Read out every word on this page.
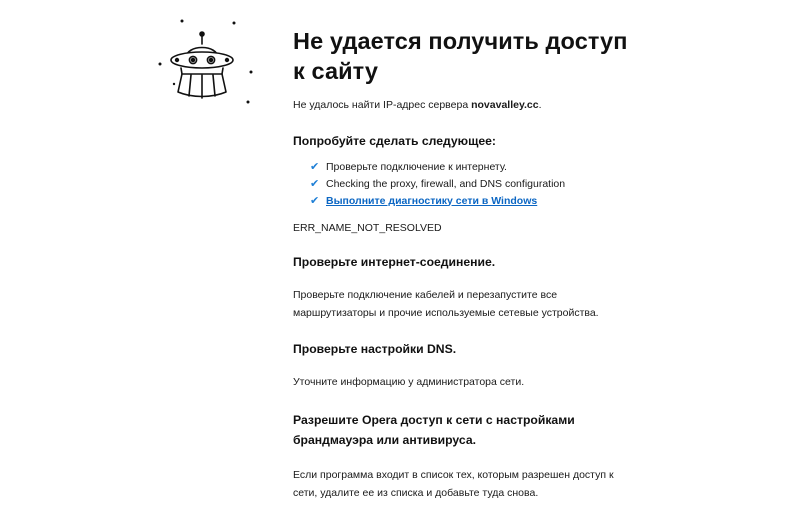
Не удается получить доступ к сайту

Не удалось найти IP-адрес сервера novavalley.cc.

Попробуйте сделать следующее:
✔ Проверьте подключение к интернету.
✔ Checking the proxy, firewall, and DNS configuration
✔ Выполните диагностику сети в Windows

ERR_NAME_NOT_RESOLVED

Проверьте интернет-соединение.

Проверьте подключение кабелей и перезапустите все маршрутизаторы и прочие используемые сетевые устройства.

Проверьте настройки DNS.

Уточните информацию у администратора сети.

Разрешите Opera доступ к сети с настройками брандмауэра или антивируса.

Если программа входит в список тех, которым разрешен доступ к сети, удалите ее из списка и добавьте туда снова.
